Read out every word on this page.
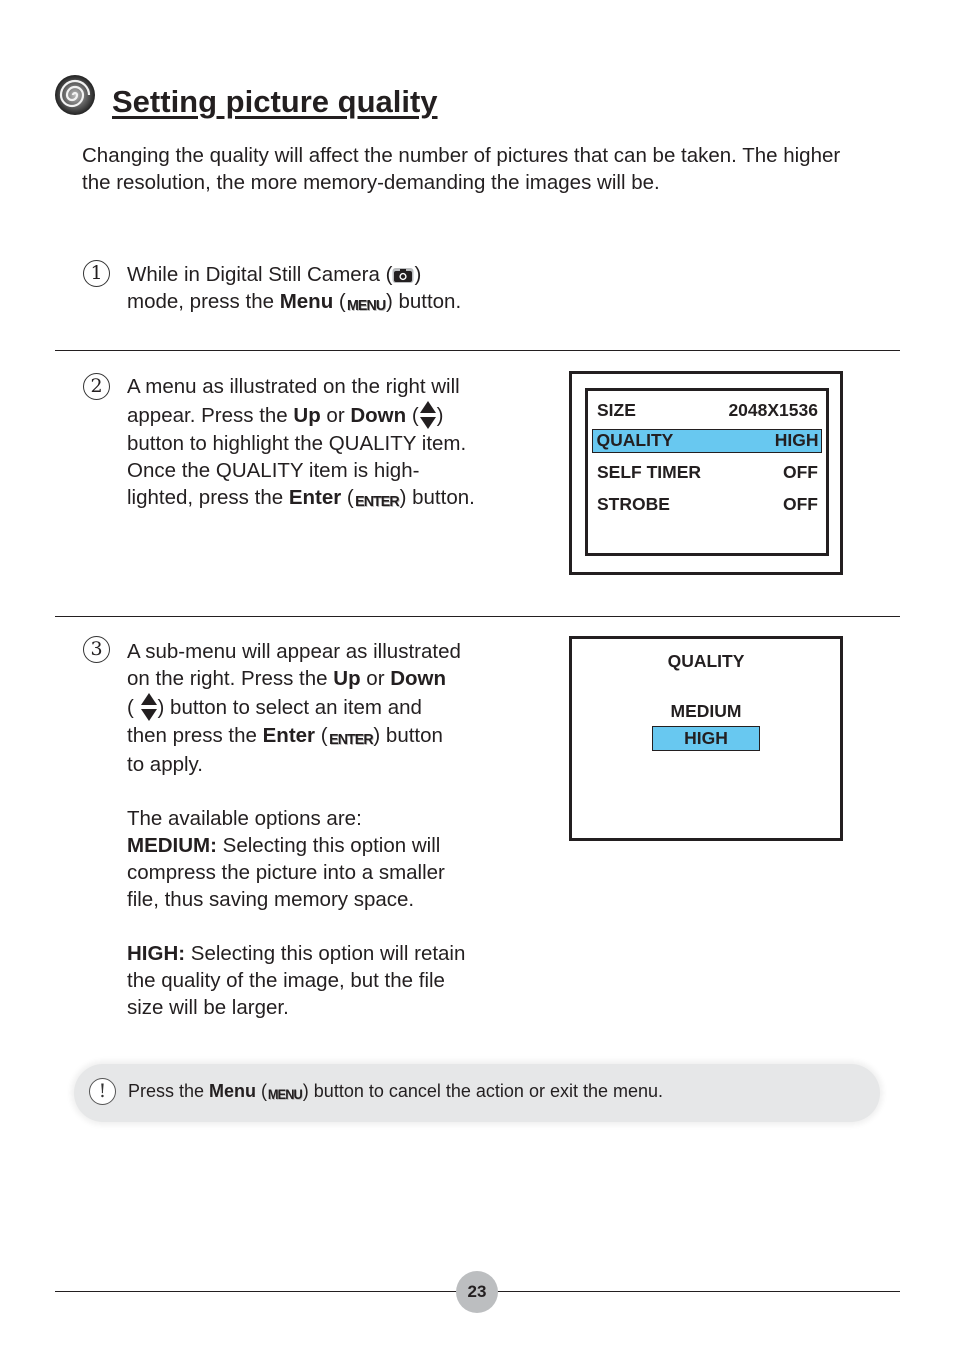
Setting picture quality

Changing the quality will affect the number of pictures that can be taken. The higher the resolution, the more memory-demanding the images will be.

1	While in Digital Still Camera ( )

mode, press the Menu (MENU) button.

2	A menu as illustrated on the right will

appear. Press the Up or Down ( )

button to highlight the QUALITY item.

Once the QUALITY item is high-

lighted, press the Enter (ENTER) button.

SIZE	2048X1536
QUALITY	HIGH
SELF TIMER	OFF
STROBE	OFF
3	A sub-menu will appear as illustrated

on the right. Press the Up or Down

( ) button to select an item and

then press the Enter (ENTER) button

to apply.

The available options are:

MEDIUM: Selecting this option will

compress the picture into a smaller

file, thus saving memory space.

HIGH: Selecting this option will retain

the quality of the image, but the file

size will be larger.

QUALITY
MEDIUM
HIGH
!	Press the Menu (MENU) button to cancel the action or exit the menu.
23
